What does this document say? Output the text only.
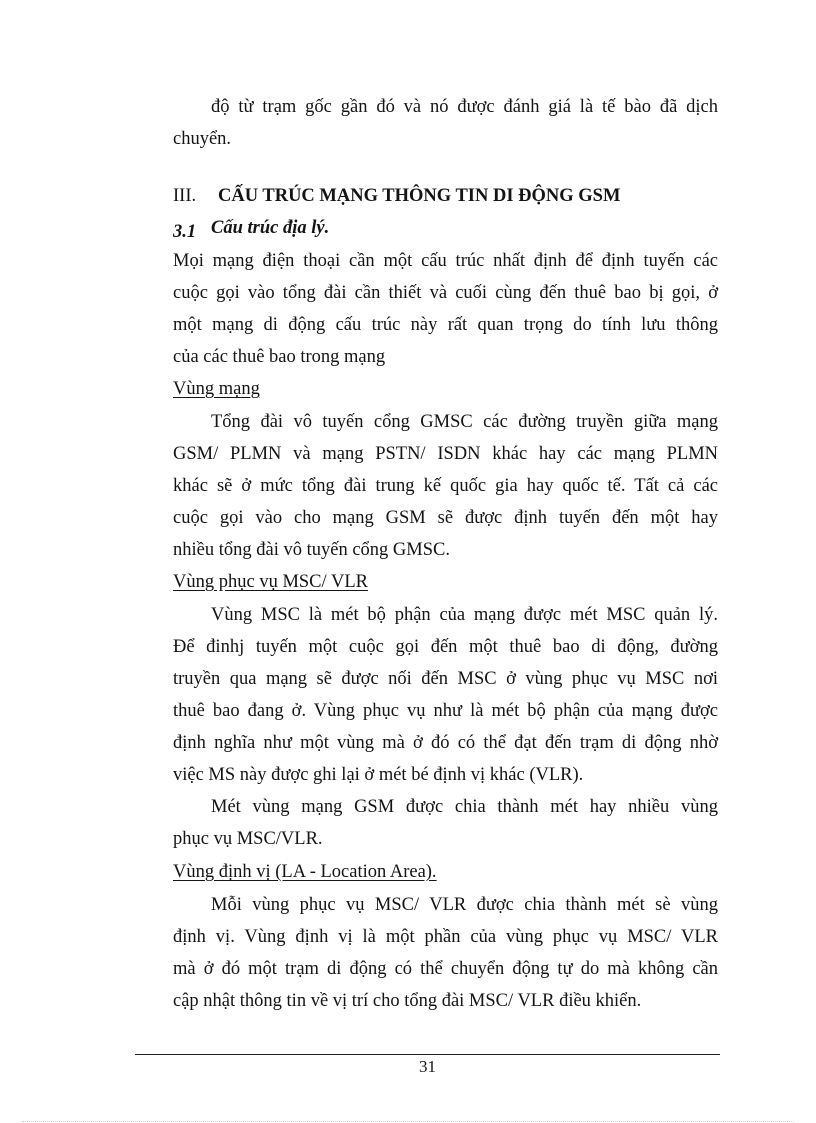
độ từ trạm gốc gần đó và nó được đánh giá là tế bào đã dịch
chuyển.
III. CẤU TRÚC MẠNG THÔNG TIN DI ĐỘNG GSM
3.1 Cấu trúc địa lý.
Mọi mạng điện thoại cần một cấu trúc nhất định để định tuyến các
cuộc gọi vào tổng đài cần thiết và cuối cùng đến thuê bao bị gọi, ở
một mạng di động cấu trúc này rất quan trọng do tính lưu thông
của các thuê bao trong mạng
Vùng mạng
Tổng đài vô tuyến cổng GMSC các đường truyền giữa mạng
GSM/ PLMN và mạng PSTN/ ISDN khác hay các mạng PLMN
khác sẽ ở mức tổng đài trung kế quốc gia hay quốc tế. Tất cả các
cuộc gọi vào cho mạng GSM sẽ được định tuyến đến một hay
nhiều tổng đài vô tuyến cổng GMSC.
Vùng phục vụ MSC/ VLR
Vùng MSC là mét bộ phận của mạng được mét MSC quản lý.
Để đinhj tuyến một cuộc gọi đến một thuê bao di động, đường
truyền qua mạng sẽ được nối đến MSC ở vùng phục vụ MSC nơi
thuê bao đang ở. Vùng phục vụ như là mét bộ phận của mạng được
định nghĩa như một vùng mà ở đó có thể đạt đến trạm di động nhờ
việc MS này được ghi lại ở mét bé định vị khác (VLR).
Mét vùng mạng GSM được chia thành mét hay nhiều vùng
phục vụ MSC/VLR.
Vùng định vị (LA - Location Area).
Mỗi vùng phục vụ MSC/ VLR được chia thành mét sè vùng
định vị. Vùng định vị là một phần của vùng phục vụ MSC/ VLR
mà ở đó một trạm di động có thể chuyển động tự do mà không cần
cập nhật thông tin về vị trí cho tổng đài MSC/ VLR điều khiển.
31
